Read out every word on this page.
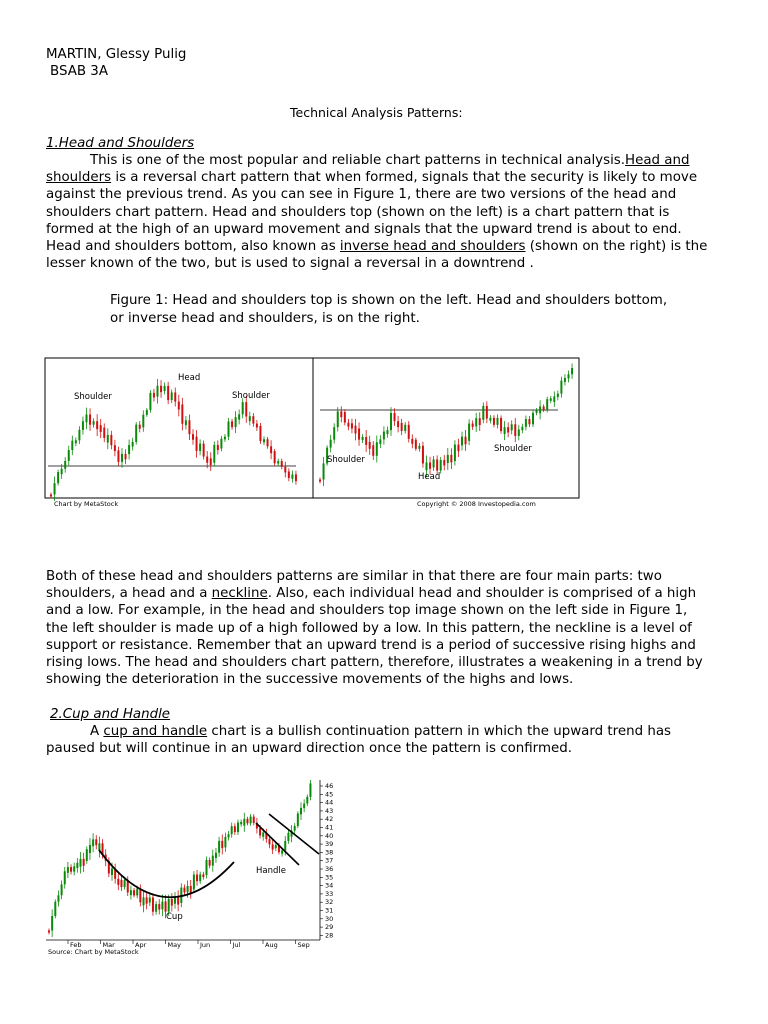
MARTIN, Glessy Pulig
BSAB 3A
Technical Analysis Patterns:
1.Head and Shoulders

This is one of the most popular and reliable chart patterns in technical analysis.Head and shoulders is a reversal chart pattern that when formed, signals that the security is likely to move against the previous trend. As you can see in Figure 1, there are two versions of the head and shoulders chart pattern. Head and shoulders top (shown on the left) is a chart pattern that is formed at the high of an upward movement and signals that the upward trend is about to end. Head and shoulders bottom, also known as inverse head and shoulders (shown on the right) is the lesser known of the two, but is used to signal a reversal in a downtrend .

Figure 1: Head and shoulders top is shown on the left. Head and shoulders bottom, or inverse head and shoulders, is on the right.
Head
Shoulder	Shoulder
Shoulder
Head
Shoulder
Chart by MetaStock	Copyright © 2008 Investopedia.com

Both of these head and shoulders patterns are similar in that there are four main parts: two shoulders, a head and a neckline. Also, each individual head and shoulder is comprised of a high and a low. For example, in the head and shoulders top image shown on the left side in Figure 1, the left shoulder is made up of a high followed by a low. In this pattern, the neckline is a level of support or resistance. Remember that an upward trend is a period of successive rising highs and rising lows. The head and shoulders chart pattern, therefore, illustrates a weakening in a trend by showing the deterioration in the successive movements of the highs and lows.

2.Cup and Handle

A cup and handle chart is a bullish continuation pattern in which the upward trend has paused but will continue in an upward direction once the pattern is confirmed.

Cup
Handle
46
45
44
43
42
41
40
39
38
37
36
35
34
33
32
31
30
29
28
Feb	Mar	Apr	May	Jun	Jul	Aug	Sep
Source: Chart by MetaStock
